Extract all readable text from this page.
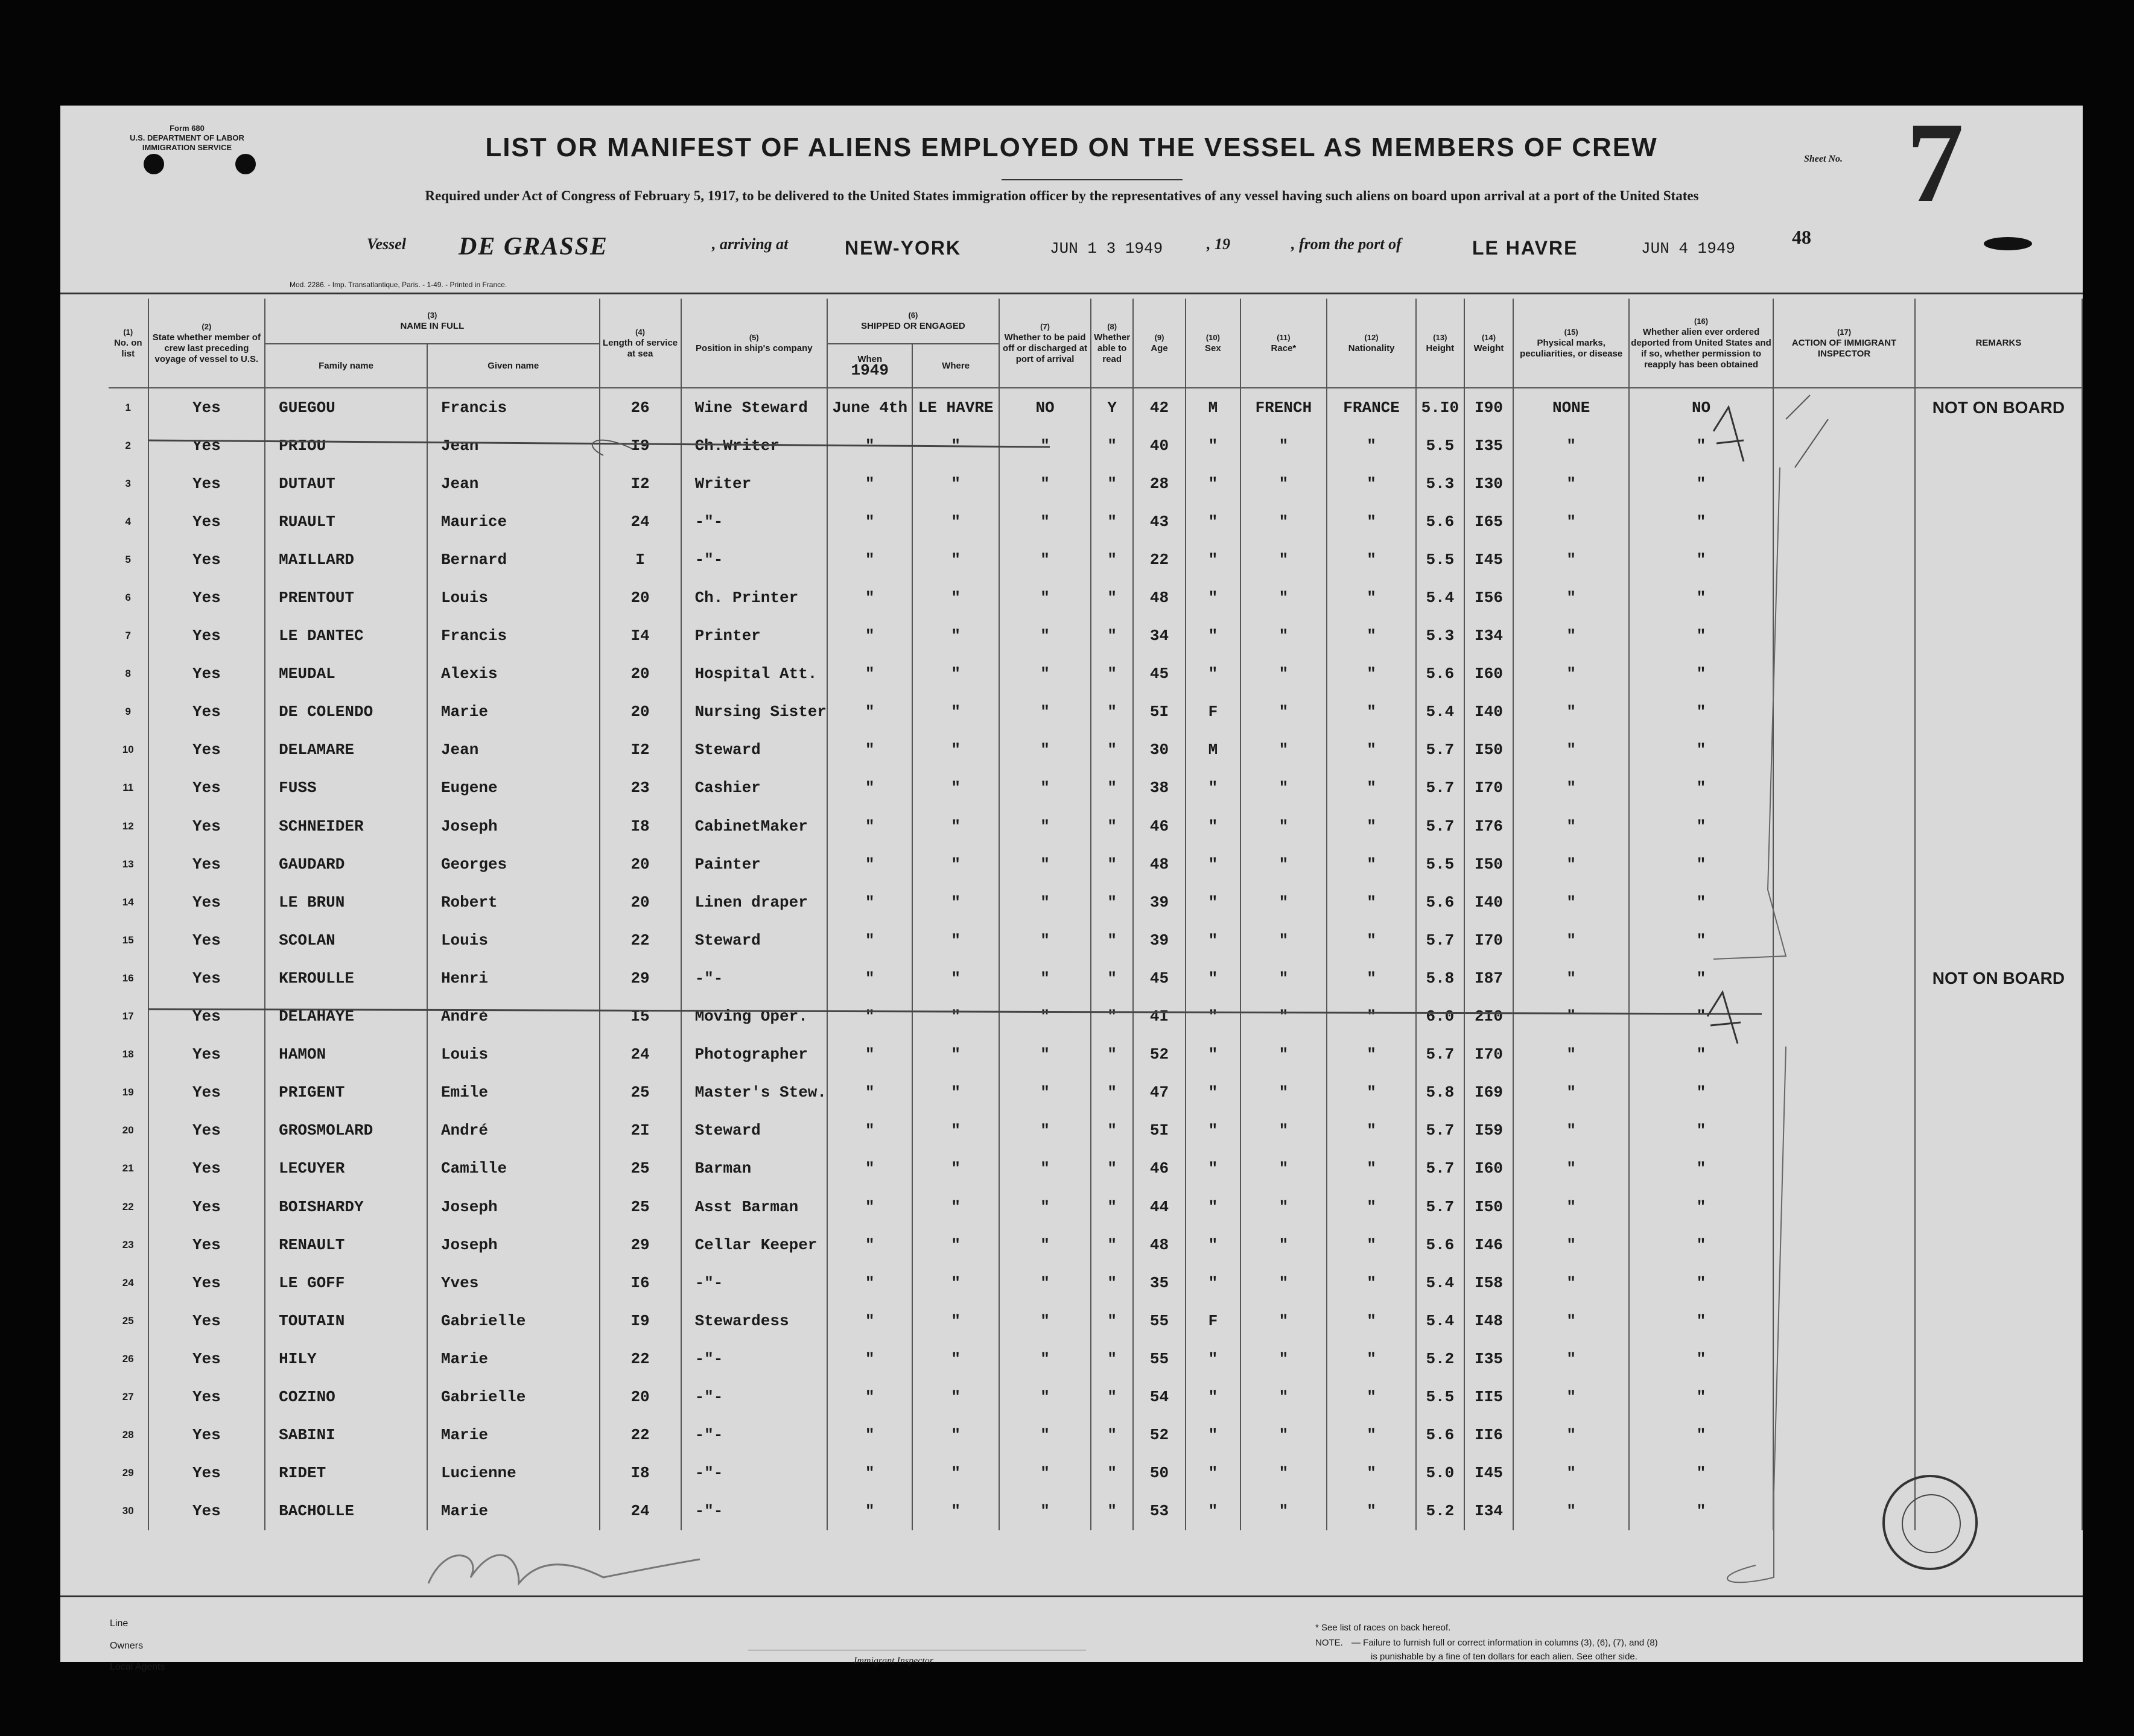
Form 680
U.S. DEPARTMENT OF LABOR
IMMIGRATION SERVICE	LIST OR MANIFEST OF ALIENS EMPLOYED ON THE VESSEL AS MEMBERS OF CREW	Sheet No. 7
Required under Act of Congress of February 5, 1917, to be delivered to the United States immigration officer by the representatives of any vessel having such aliens on board upon arrival at a port of the United States
Vessel DE GRASSE	, arriving at	NEW-YORK	JUN 1 3 1949	, 19	, from the port of	LE HAVRE	JUN 4 1949
48
Mod. 2286. - Imp. Transatlantique, Paris. - 1-49. - Printed in France.
(1)
No. on list	(2)
State whether member of crew last preceding voyage of vessel to U.S.	(3)
NAME IN FULL		(4)
Length of service at sea	(5)
Position in ship's company	(6)
SHIPPED OR ENGAGED		(7)
Whether to be paid off or discharged at port of arrival	(8)
Whether able to read	(9)
Age	(10)
Sex	(11)
Race*	(12)
Nationality	(13)
Height	(14)
Weight	(15)
Physical marks, peculiarities, or disease	(16)
Whether alien ever ordered deported from United States and if so, whether permission to reapply has been obtained	(17)
ACTION OF IMMIGRANT INSPECTOR	REMARKS
		Family name	Given name			When
1949	Where												
1	Yes	GUEGOU	Francis	26	Wine Steward	June 4th	LE HAVRE	NO	Y	42	M	FRENCH	FRANCE	5.I0	I90	NONE	NO		NOT ON BOARD
2	Yes	PRIOU	Jean	I9	Ch.Writer	"	"	"	"	40	"	"	"	5.5	I35	"	"		
3	Yes	DUTAUT	Jean	I2	Writer	"	"	"	"	28	"	"	"	5.3	I30	"	"		
4	Yes	RUAULT	Maurice	24	-"-	"	"	"	"	43	"	"	"	5.6	I65	"	"		
5	Yes	MAILLARD	Bernard	I	-"-	"	"	"	"	22	"	"	"	5.5	I45	"	"		
6	Yes	PRENTOUT	Louis	20	Ch. Printer	"	"	"	"	48	"	"	"	5.4	I56	"	"		
7	Yes	LE DANTEC	Francis	I4	Printer	"	"	"	"	34	"	"	"	5.3	I34	"	"		
8	Yes	MEUDAL	Alexis	20	Hospital Att.	"	"	"	"	45	"	"	"	5.6	I60	"	"		
9	Yes	DE COLENDO	Marie	20	Nursing Sister	"	"	"	"	5I	F	"	"	5.4	I40	"	"		
10	Yes	DELAMARE	Jean	I2	Steward	"	"	"	"	30	M	"	"	5.7	I50	"	"		
11	Yes	FUSS	Eugene	23	Cashier	"	"	"	"	38	"	"	"	5.7	I70	"	"		
12	Yes	SCHNEIDER	Joseph	I8	CabinetMaker	"	"	"	"	46	"	"	"	5.7	I76	"	"		
13	Yes	GAUDARD	Georges	20	Painter	"	"	"	"	48	"	"	"	5.5	I50	"	"		
14	Yes	LE BRUN	Robert	20	Linen draper	"	"	"	"	39	"	"	"	5.6	I40	"	"		
15	Yes	SCOLAN	Louis	22	Steward	"	"	"	"	39	"	"	"	5.7	I70	"	"		
16	Yes	KEROULLE	Henri	29	-"-	"	"	"	"	45	"	"	"	5.8	I87	"	"		NOT ON BOARD
17	Yes	DELAHAYE	André	I5	Moving Oper.	"	"	"	"	4I	"	"	"	6.0	2I0	"	"		
18	Yes	HAMON	Louis	24	Photographer	"	"	"	"	52	"	"	"	5.7	I70	"	"		
19	Yes	PRIGENT	Emile	25	Master's Stew.	"	"	"	"	47	"	"	"	5.8	I69	"	"		
20	Yes	GROSMOLARD	André	2I	Steward	"	"	"	"	5I	"	"	"	5.7	I59	"	"		
21	Yes	LECUYER	Camille	25	Barman	"	"	"	"	46	"	"	"	5.7	I60	"	"		
22	Yes	BOISHARDY	Joseph	25	Asst Barman	"	"	"	"	44	"	"	"	5.7	I50	"	"		
23	Yes	RENAULT	Joseph	29	Cellar Keeper	"	"	"	"	48	"	"	"	5.6	I46	"	"		
24	Yes	LE GOFF	Yves	I6	-"-	"	"	"	"	35	"	"	"	5.4	I58	"	"		
25	Yes	TOUTAIN	Gabrielle	I9	Stewardess	"	"	"	"	55	F	"	"	5.4	I48	"	"		
26	Yes	HILY	Marie	22	-"-	"	"	"	"	55	"	"	"	5.2	I35	"	"		
27	Yes	COZINO	Gabrielle	20	-"-	"	"	"	"	54	"	"	"	5.5	II5	"	"		
28	Yes	SABINI	Marie	22	-"-	"	"	"	"	52	"	"	"	5.6	II6	"	"		
29	Yes	RIDET	Lucienne	I8	-"-	"	"	"	"	50	"	"	"	5.0	I45	"	"		
30	Yes	BACHOLLE	Marie	24	-"-	"	"	"	"	53	"	"	"	5.2	I34	"	"		
Line
Owners
Local Agents
Immigrant Inspector
* See list of races on back hereof.
NOTE. — Failure to furnish full or correct information in columns (3), (6), (7), and (8)
is punishable by a fine of ten dollars for each alien. See other side.
